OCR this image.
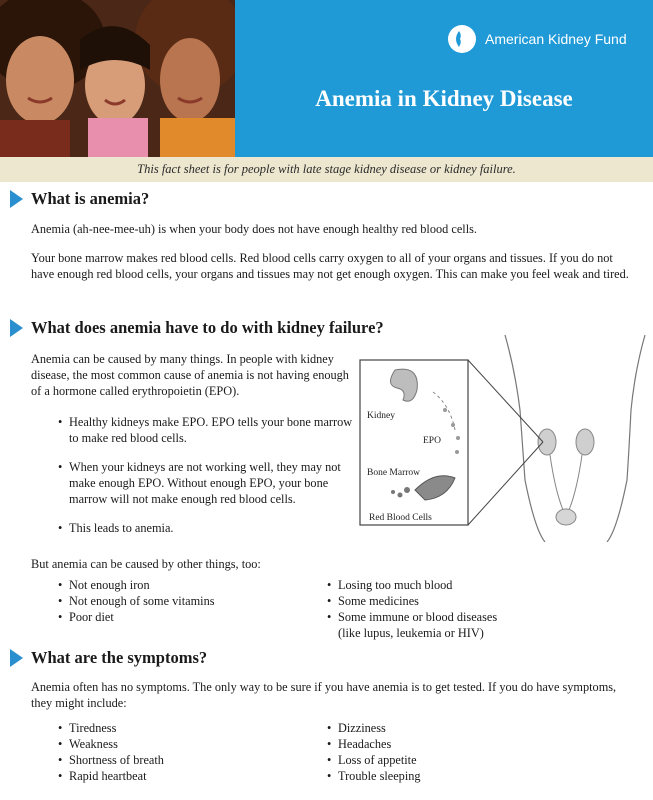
American Kidney Fund
Anemia in Kidney Disease
This fact sheet is for people with late stage kidney disease or kidney failure.
What is anemia?

Anemia (ah-nee-mee-uh) is when your body does not have enough healthy red blood cells.

Your bone marrow makes red blood cells. Red blood cells carry oxygen to all of your organs and tissues. If you do not have enough red blood cells, your organs and tissues may not get enough oxygen. This can make you feel weak and tired.

What does anemia have to do with kidney failure?

Anemia can be caused by many things. In people with kidney disease, the most common cause of anemia is not having enough of a hormone called erythropoietin (EPO).

• Healthy kidneys make EPO. EPO tells your bone marrow to make red blood cells.

• When your kidneys are not working well, they may not make enough EPO. Without enough EPO, your bone marrow will not make enough red blood cells.

• This leads to anemia.

Kidney
EPO
Bone Marrow
Red Blood Cells

But anemia can be caused by other things, too:

• Not enough iron
• Not enough of some vitamins
• Poor diet
• Losing too much blood
• Some medicines
• Some immune or blood diseases (like lupus, leukemia or HIV)
What are the symptoms?

Anemia often has no symptoms. The only way to be sure if you have anemia is to get tested. If you do have symptoms, they might include:

• Tiredness
• Weakness
• Shortness of breath
• Rapid heartbeat
• Dizziness
• Headaches
• Loss of appetite
• Trouble sleeping
